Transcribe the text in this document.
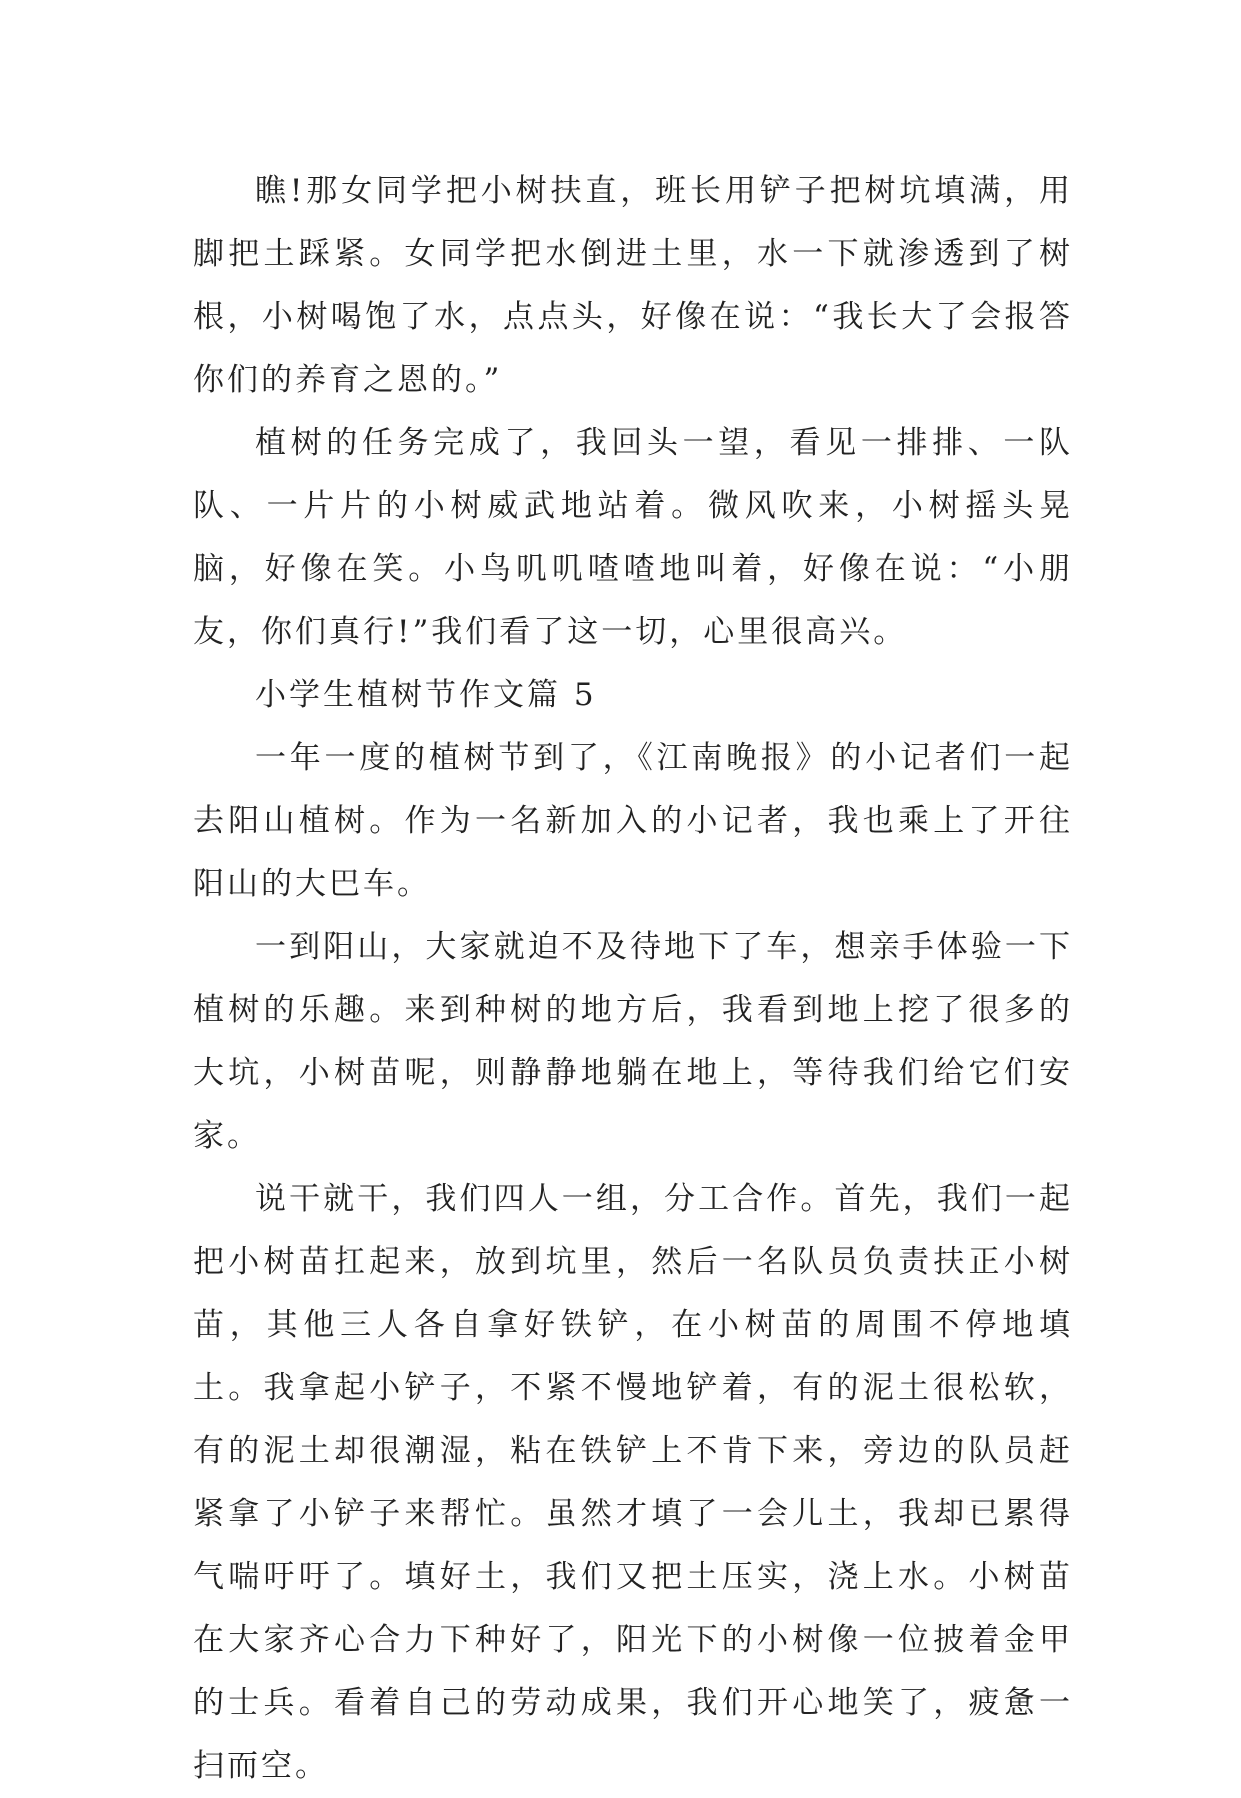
瞧!那女同学把小树扶直，班长用铲子把树坑填满，用脚把土踩紧。女同学把水倒进土里，水一下就渗透到了树根，小树喝饱了水，点点头，好像在说：“我长大了会报答你们的养育之恩的。”

植树的任务完成了，我回头一望，看见一排排、一队队、一片片的小树威武地站着。微风吹来，小树摇头晃脑，好像在笑。小鸟叽叽喳喳地叫着，好像在说：“小朋友，你们真行!”我们看了这一切，心里很高兴。

小学生植树节作文篇 5

一年一度的植树节到了，《江南晚报》的小记者们一起去阳山植树。作为一名新加入的小记者，我也乘上了开往阳山的大巴车。

一到阳山，大家就迫不及待地下了车，想亲手体验一下植树的乐趣。来到种树的地方后，我看到地上挖了很多的大坑，小树苗呢，则静静地躺在地上，等待我们给它们安家。

说干就干，我们四人一组，分工合作。首先，我们一起把小树苗扛起来，放到坑里，然后一名队员负责扶正小树苗，其他三人各自拿好铁铲，在小树苗的周围不停地填土。我拿起小铲子，不紧不慢地铲着，有的泥土很松软，有的泥土却很潮湿，粘在铁铲上不肯下来，旁边的队员赶紧拿了小铲子来帮忙。虽然才填了一会儿土，我却已累得气喘吁吁了。填好土，我们又把土压实，浇上水。小树苗在大家齐心合力下种好了，阳光下的小树像一位披着金甲的士兵。看着自己的劳动成果，我们开心地笑了，疲惫一扫而空。
